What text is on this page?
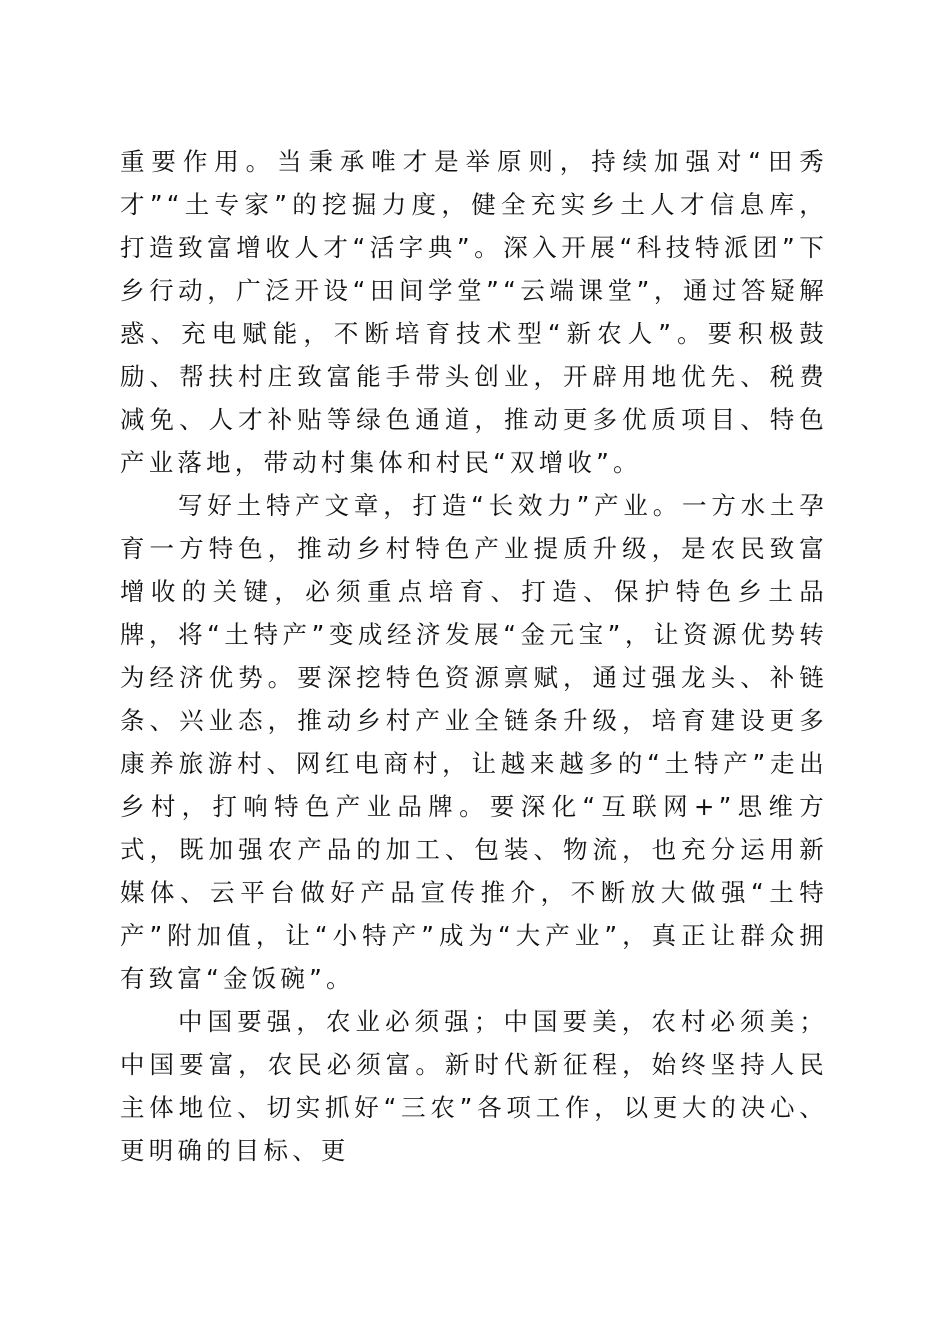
重要作用。当秉承唯才是举原则，持续加强对“田秀才”“土专家”的挖掘力度，健全充实乡土人才信息库，打造致富增收人才“活字典”。深入开展“科技特派团”下乡行动，广泛开设“田间学堂”“云端课堂”，通过答疑解惑、充电赋能，不断培育技术型“新农人”。要积极鼓励、帮扶村庄致富能手带头创业，开辟用地优先、税费减免、人才补贴等绿色通道，推动更多优质项目、特色产业落地，带动村集体和村民“双增收”。

写好土特产文章，打造“长效力”产业。一方水土孕育一方特色，推动乡村特色产业提质升级，是农民致富增收的关键，必须重点培育、打造、保护特色乡土品牌，将“土特产”变成经济发展“金元宝”，让资源优势转为经济优势。要深挖特色资源禀赋，通过强龙头、补链条、兴业态，推动乡村产业全链条升级，培育建设更多康养旅游村、网红电商村，让越来越多的“土特产”走出乡村，打响特色产业品牌。要深化“互联网+”思维方式，既加强农产品的加工、包装、物流，也充分运用新媒体、云平台做好产品宣传推介，不断放大做强“土特产”附加值，让“小特产”成为“大产业”，真正让群众拥有致富“金饭碗”。

中国要强，农业必须强；中国要美，农村必须美；中国要富，农民必须富。新时代新征程，始终坚持人民主体地位、切实抓好“三农”各项工作，以更大的决心、更明确的目标、更
